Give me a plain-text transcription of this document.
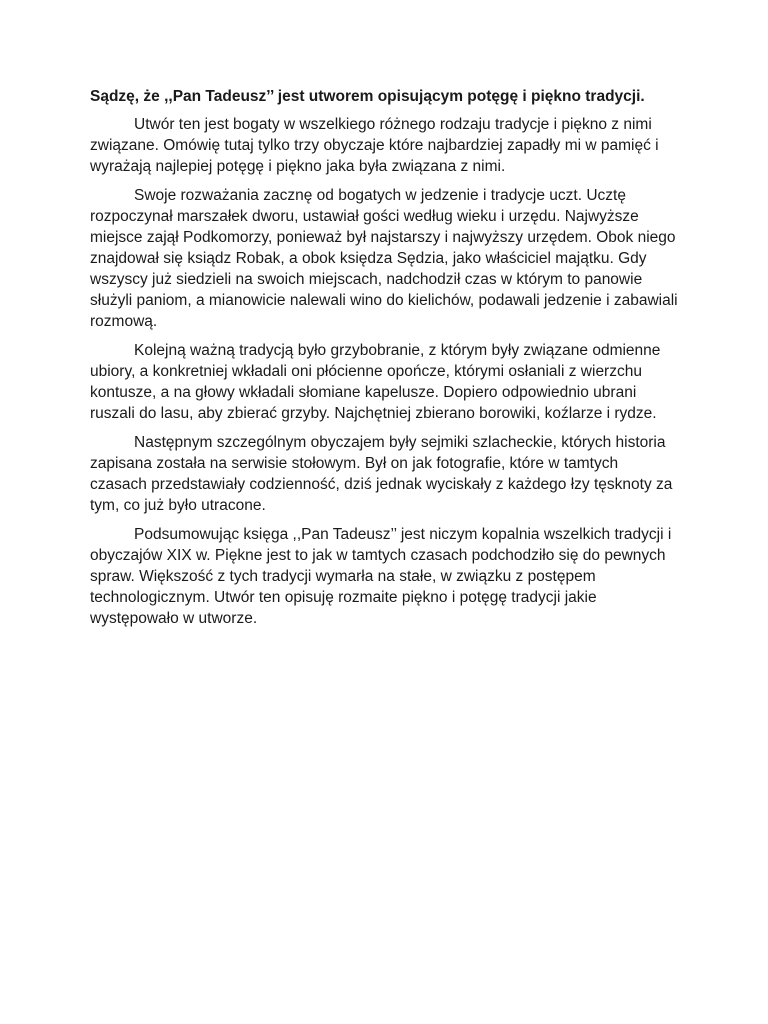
Sądzę, że ,,Pan Tadeusz’’ jest utworem opisującym potęgę i piękno tradycji.

Utwór ten jest bogaty w wszelkiego różnego rodzaju tradycje i piękno z nimi związane. Omówię tutaj tylko trzy obyczaje które najbardziej zapadły mi w pamięć i wyrażają najlepiej potęgę i piękno jaka była związana z nimi.

Swoje rozważania zacznę od bogatych w jedzenie i tradycje uczt. Ucztę rozpoczynał marszałek dworu, ustawiał gości według wieku i urzędu. Najwyższe miejsce zajął Podkomorzy, ponieważ był najstarszy i najwyższy urzędem. Obok niego znajdował się ksiądz Robak, a obok księdza Sędzia, jako właściciel majątku. Gdy wszyscy już siedzieli na swoich miejscach, nadchodził czas w którym to panowie służyli paniom, a mianowicie nalewali wino do kielichów, podawali jedzenie i zabawiali rozmową.

Kolejną ważną tradycją było grzybobranie, z którym były związane odmienne ubiory, a konkretniej wkładali oni płócienne opończe, którymi osłaniali z wierzchu kontusze, a na głowy wkładali słomiane kapelusze. Dopiero odpowiednio ubrani ruszali do lasu, aby zbierać grzyby. Najchętniej zbierano borowiki, koźlarze i rydze.

Następnym szczególnym obyczajem były sejmiki szlacheckie, których historia zapisana została na serwisie stołowym. Był on jak fotografie, które w tamtych czasach przedstawiały codzienność, dziś jednak wyciskały z każdego łzy tęsknoty za tym, co już było utracone.

Podsumowując księga ,,Pan Tadeusz’’ jest niczym kopalnia wszelkich tradycji i obyczajów XIX w. Piękne jest to jak w tamtych czasach podchodziło się do pewnych spraw. Większość z tych tradycji wymarła na stałe, w związku z postępem technologicznym. Utwór ten opisuję rozmaite piękno i potęgę tradycji jakie występowało w utworze.
